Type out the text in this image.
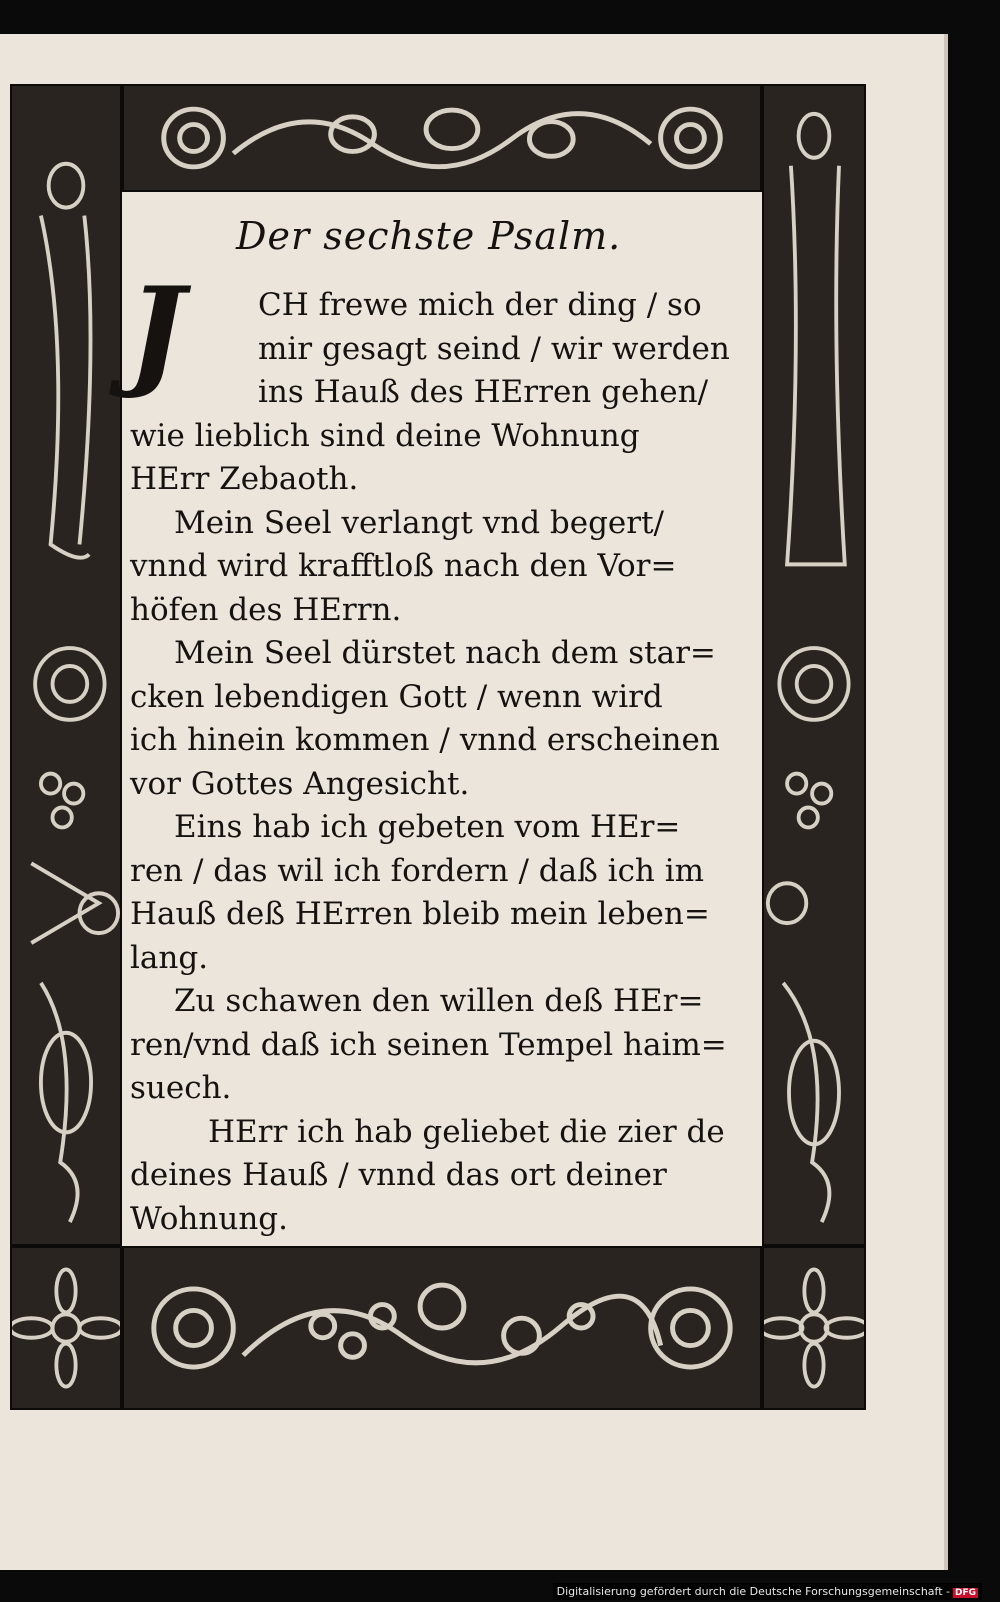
Der sechste Psalm.
J	CH frewe mich der ding / so
mir gesagt seind / wir werden
ins Hauß des HErren gehen/
wie lieblich sind deine Wohnung
HErr Zebaoth.
Mein Seel verlangt vnd begert/
vnnd wird krafftloß nach den Vor=
höfen des HErrn.
Mein Seel dürstet nach dem star=
cken lebendigen Gott / wenn wird
ich hinein kommen / vnnd erscheinen
vor Gottes Angesicht.
Eins hab ich gebeten vom HEr=
ren / das wil ich fordern / daß ich im
Hauß deß HErren bleib mein leben=
lang.
Zu schawen den willen deß HEr=
ren/vnd daß ich seinen Tempel haim=
suech.
HErr ich hab geliebet die zier de
deines Hauß / vnnd das ort deiner
Wohnung.
Digitalisierung gefördert durch die Deutsche Forschungsgemeinschaft - DFG
